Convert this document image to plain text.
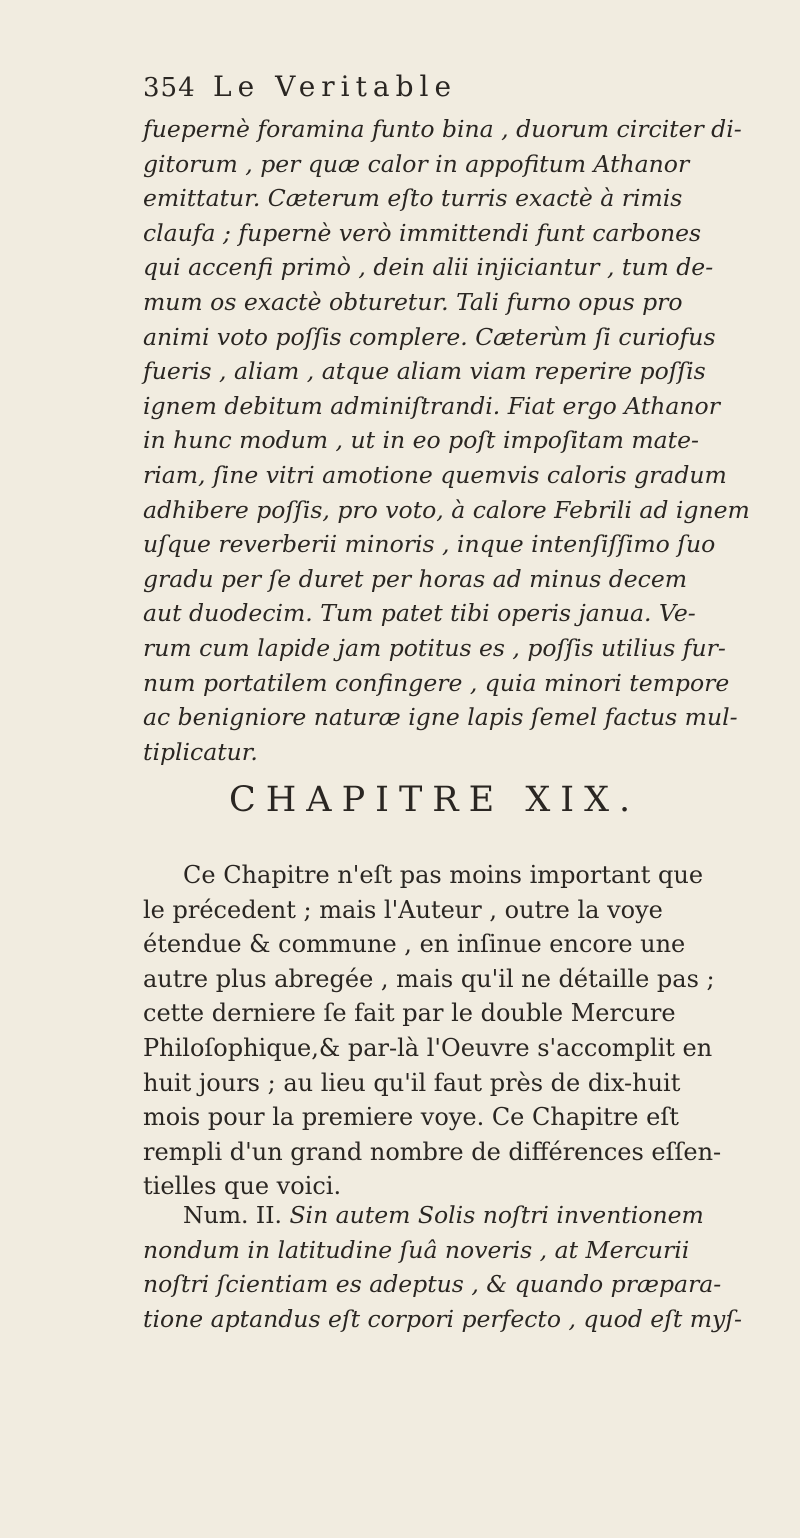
354 Le Veritable
fuepernè foramina funto bina , duorum circiter di-
gitorum , per quæ calor in appofitum Athanor
emittatur. Cæterum eſto turris exactè à rimis
claufa ; fupernè verò immittendi funt carbones
qui accenfi primò , dein alii injiciantur , tum de-
mum os exactè obturetur. Tali furno opus pro
animi voto poſſis complere. Cæterùm ſi curiofus
fueris , aliam , atque aliam viam reperire poſſis
ignem debitum adminiſtrandi. Fiat ergo Athanor
in hunc modum , ut in eo poſt impoſitam mate-
riam, ſine vitri amotione quemvis caloris gradum
adhibere poſſis, pro voto, à calore Febrili ad ignem
uſque reverberii minoris , inque intenſiſſimo ſuo
gradu per ſe duret per horas ad minus decem
aut duodecim. Tum patet tibi operis janua. Ve-
rum cum lapide jam potitus es , poſſis utilius fur-
num portatilem confingere , quia minori tempore
ac benigniore naturæ igne lapis ſemel factus mul-
tiplicatur.
CHAPITRE XIX.
Ce Chapitre n'eſt pas moins important que
le précedent ; mais l'Auteur , outre la voye
étendue & commune , en inſinue encore une
autre plus abregée , mais qu'il ne détaille pas ;
cette derniere ſe fait par le double Mercure
Philoſophique,& par-là l'Oeuvre s'accomplit en
huit jours ; au lieu qu'il faut près de dix-huit
mois pour la premiere voye. Ce Chapitre eſt
rempli d'un grand nombre de différences eſſen-
tielles que voici.
Num. II. Sin autem Solis noſtri inventionem
nondum in latitudine ſuâ noveris , at Mercurii
noſtri ſcientiam es adeptus , & quando præpara-
tione aptandus eſt corpori perfecto , quod eſt myſ-
